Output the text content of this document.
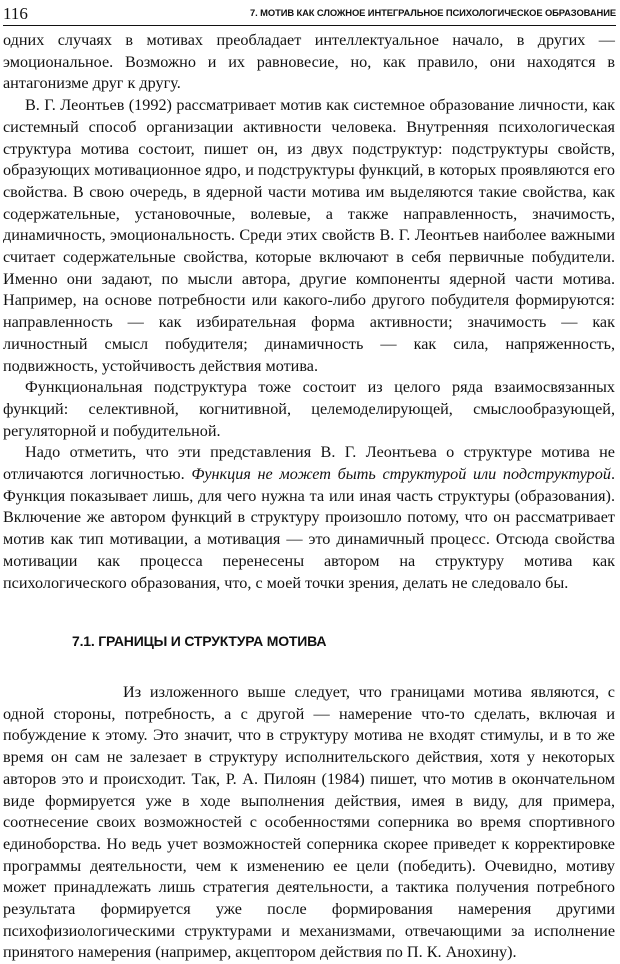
116	7. МОТИВ КАК СЛОЖНОЕ ИНТЕГРАЛЬНОЕ ПСИХОЛОГИЧЕСКОЕ ОБРАЗОВАНИЕ

одних случаях в мотивах преобладает интеллектуальное начало, в других — эмоциональное. Возможно и их равновесие, но, как правило, они находятся в антагонизме друг к другу.

В. Г. Леонтьев (1992) рассматривает мотив как системное образование личности, как системный способ организации активности человека. Внутренняя психологическая структура мотива состоит, пишет он, из двух подструктур: подструктуры свойств, образующих мотивационное ядро, и подструктуры функций, в которых проявляются его свойства. В свою очередь, в ядерной части мотива им выделяются такие свойства, как содержательные, установочные, волевые, а также направленность, значимость, динамичность, эмоциональность. Среди этих свойств В. Г. Леонтьев наиболее важными считает содержательные свойства, которые включают в себя первичные побудители. Именно они задают, по мысли автора, другие компоненты ядерной части мотива. Например, на основе потребности или какого-либо другого побудителя формируются: направленность — как избирательная форма активности; значимость — как личностный смысл побудителя; динамичность — как сила, напряженность, подвижность, устойчивость действия мотива.

Функциональная подструктура тоже состоит из целого ряда взаимосвязанных функций: селективной, когнитивной, целемоделирующей, смыслообразующей, регуляторной и побудительной.

Надо отметить, что эти представления В. Г. Леонтьева о структуре мотива не отличаются логичностью. Функция не может быть структурой или подструктурой. Функция показывает лишь, для чего нужна та или иная часть структуры (образования). Включение же автором функций в структуру произошло потому, что он рассматривает мотив как тип мотивации, а мотивация — это динамичный процесс. Отсюда свойства мотивации как процесса перенесены автором на структуру мотива как психологического образования, что, с моей точки зрения, делать не следовало бы.

7.1. ГРАНИЦЫ И СТРУКТУРА МОТИВА

Из изложенного выше следует, что границами мотива являются, с одной стороны, потребность, а с другой — намерение что-то сделать, включая и побуждение к этому. Это значит, что в структуру мотива не входят стимулы, и в то же время он сам не залезает в структуру исполнительского действия, хотя у некоторых авторов это и происходит. Так, Р. А. Пилоян (1984) пишет, что мотив в окончательном виде формируется уже в ходе выполнения действия, имея в виду, для примера, соотнесение своих возможностей с особенностями соперника во время спортивного единоборства. Но ведь учет возможностей соперника скорее приведет к корректировке программы деятельности, чем к изменению ее цели (победить). Очевидно, мотиву может принадлежать лишь стратегия деятельности, а тактика получения потребного результата формируется уже после формирования намерения другими психофизиологическими структурами и механизмами, отвечающими за исполнение принятого намерения (например, акцептором действия по П. К. Анохину).
